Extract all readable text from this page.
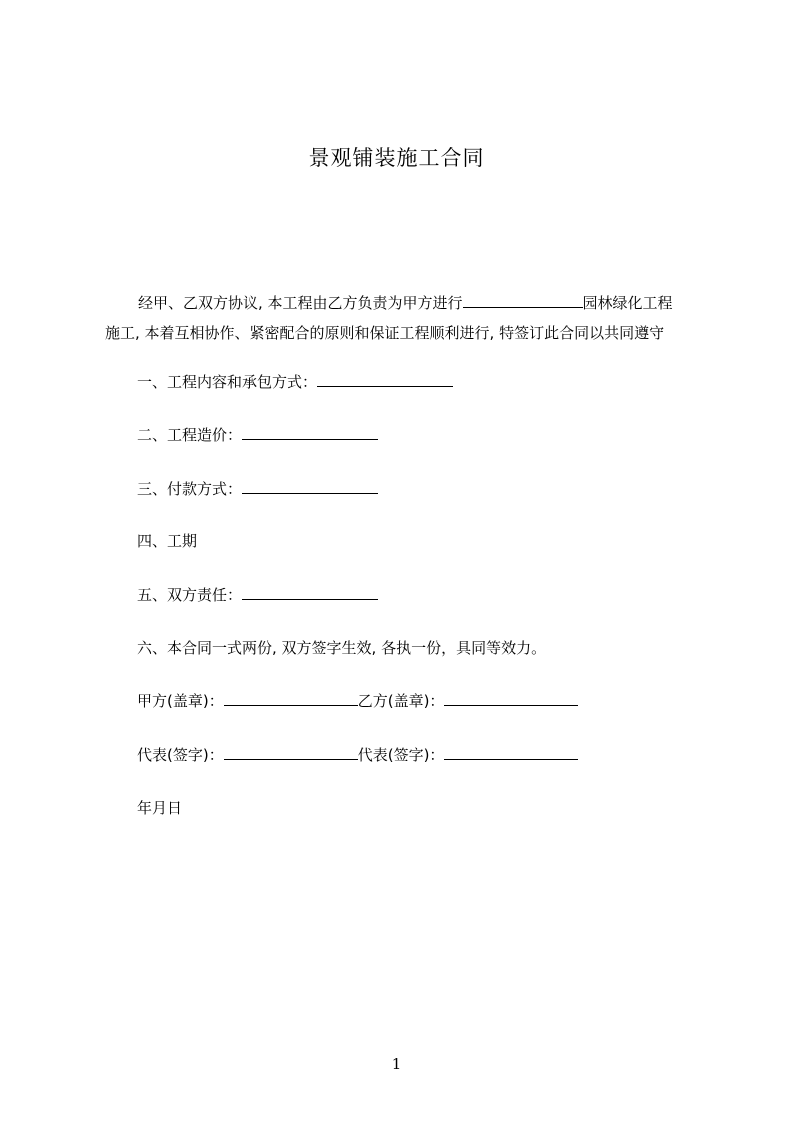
景观铺装施工合同
经甲、乙双方协议, 本工程由乙方负责为甲方进行	园林绿化工程
施工, 本着互相协作、紧密配合的原则和保证工程顺利进行, 特签订此合同以共同遵守
一、工程内容和承包方式：
二、工程造价：
三、付款方式：
四、工期
五、双方责任：
六、本合同一式两份, 双方签字生效, 各执一份，具同等效力。
甲方(盖章)：	乙方(盖章)：
代表(签字)：	代表(签字)：
年月日
1
